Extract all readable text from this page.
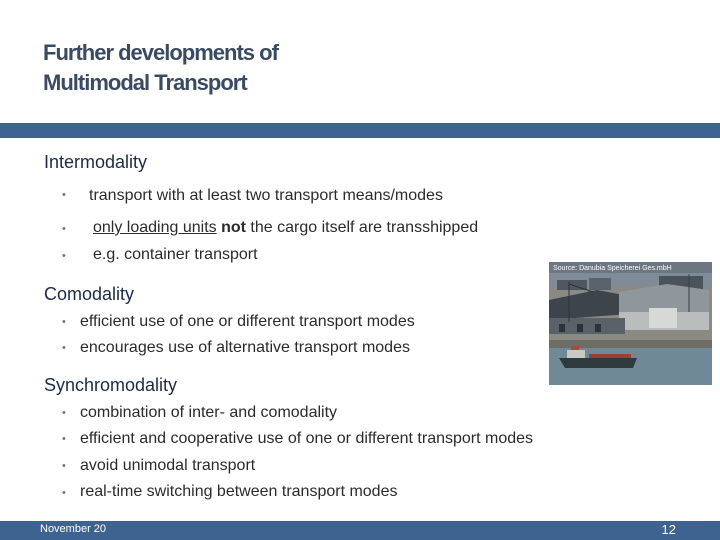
Further developments of
Multimodal Transport
Intermodality
• transport with at least two transport means/modes
• only loading units not the cargo itself are transshipped
• e.g. container transport
Comodality
• efficient use of one or different transport modes
• encourages use of alternative transport modes
Synchromodality
• combination of inter- and comodality
• efficient and cooperative use of one or different transport modes
• avoid unimodal transport
• real-time switching between transport modes
Source: Danubia Speicherei Ges.mbH
November 20	12
